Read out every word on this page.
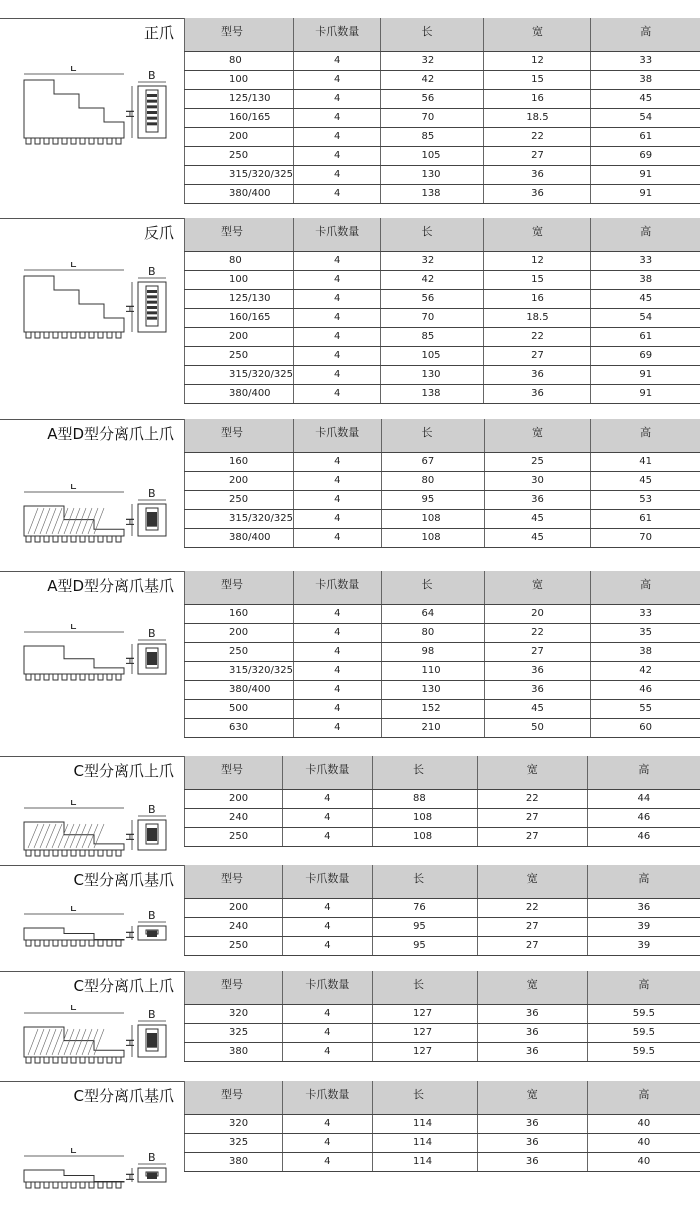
正爪
L
B
H
型号	卡爪数量	长	宽	高
80	4	32	12	33
100	4	42	15	38
125/130	4	56	16	45
160/165	4	70	18.5	54
200	4	85	22	61
250	4	105	27	69
315/320/325	4	130	36	91
380/400	4	138	36	91
反爪
L
B
H
型号	卡爪数量	长	宽	高
80	4	32	12	33
100	4	42	15	38
125/130	4	56	16	45
160/165	4	70	18.5	54
200	4	85	22	61
250	4	105	27	69
315/320/325	4	130	36	91
380/400	4	138	36	91
A型D型分离爪上爪
L
B
H
型号	卡爪数量	长	宽	高
160	4	67	25	41
200	4	80	30	45
250	4	95	36	53
315/320/325	4	108	45	61
380/400	4	108	45	70
A型D型分离爪基爪
L
B
H
型号	卡爪数量	长	宽	高
160	4	64	20	33
200	4	80	22	35
250	4	98	27	38
315/320/325	4	110	36	42
380/400	4	130	36	46
500	4	152	45	55
630	4	210	50	60
C型分离爪上爪
L
B
H
型号	卡爪数量	长	宽	高
200	4	88	22	44
240	4	108	27	46
250	4	108	27	46
C型分离爪基爪
L
B
H
型号	卡爪数量	长	宽	高
200	4	76	22	36
240	4	95	27	39
250	4	95	27	39
C型分离爪上爪
L
B
H
型号	卡爪数量	长	宽	高
320	4	127	36	59.5
325	4	127	36	59.5
380	4	127	36	59.5
C型分离爪基爪
L
B
H
型号	卡爪数量	长	宽	高
320	4	114	36	40
325	4	114	36	40
380	4	114	36	40
